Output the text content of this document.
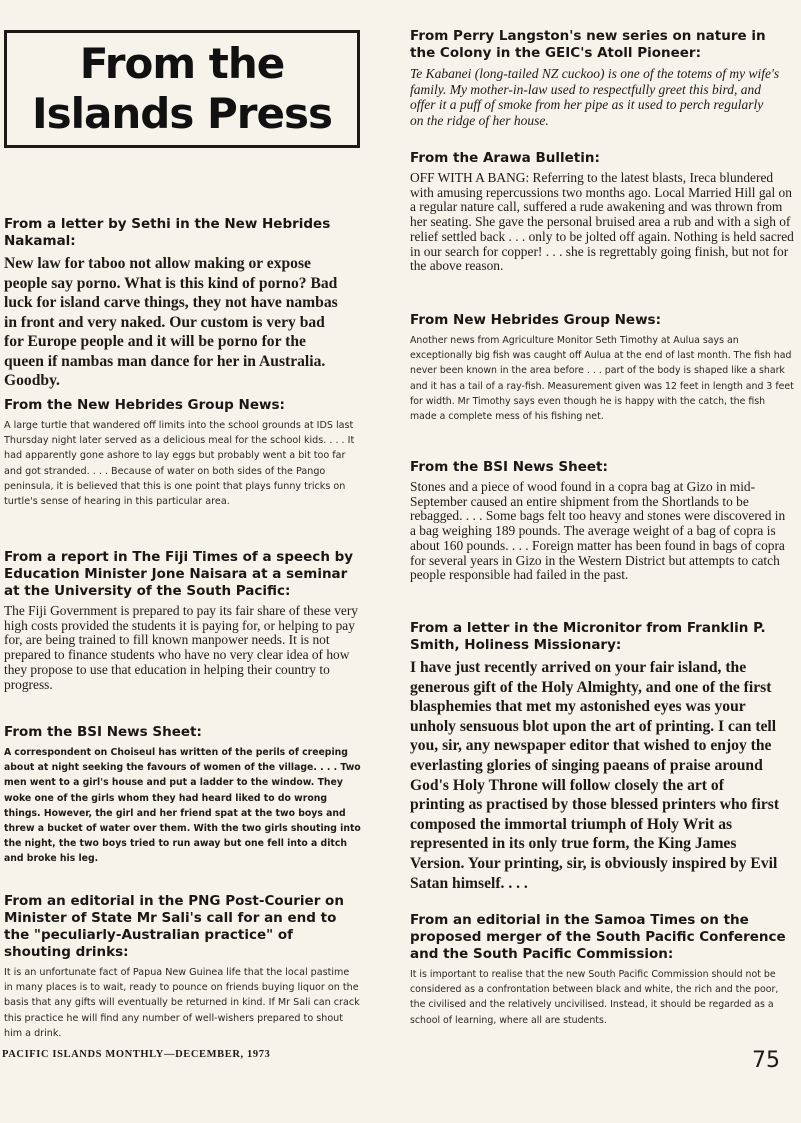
From the
Islands Press
From a letter by Sethi in the New Hebrides Nakamal:

New law for taboo not allow making or expose people say porno. What is this kind of porno? Bad luck for island carve things, they not have nambas in front and very naked. Our custom is very bad for Europe people and it will be porno for the queen if nambas man dance for her in Australia. Goodby.

From the New Hebrides Group News:

A large turtle that wandered off limits into the school grounds at IDS last Thursday night later served as a delicious meal for the school kids. . . . It had apparently gone ashore to lay eggs but probably went a bit too far and got stranded. . . . Because of water on both sides of the Pango peninsula, it is believed that this is one point that plays funny tricks on turtle's sense of hearing in this particular area.

From a report in The Fiji Times of a speech by Education Minister Jone Naisara at a seminar at the University of the South Pacific:

The Fiji Government is prepared to pay its fair share of these very high costs provided the students it is paying for, or helping to pay for, are being trained to fill known manpower needs. It is not prepared to finance students who have no very clear idea of how they propose to use that education in helping their country to progress.

From the BSI News Sheet:

A correspondent on Choiseul has written of the perils of creeping about at night seeking the favours of women of the village. . . . Two men went to a girl's house and put a ladder to the window. They woke one of the girls whom they had heard liked to do wrong things. However, the girl and her friend spat at the two boys and threw a bucket of water over them. With the two girls shouting into the night, the two boys tried to run away but one fell into a ditch and broke his leg.

From an editorial in the PNG Post-Courier on Minister of State Mr Sali's call for an end to the "peculiarly-Australian practice" of shouting drinks:

It is an unfortunate fact of Papua New Guinea life that the local pastime in many places is to wait, ready to pounce on friends buying liquor on the basis that any gifts will eventually be returned in kind. If Mr Sali can crack this practice he will find any number of well-wishers prepared to shout him a drink.

From Perry Langston's new series on nature in the Colony in the GEIC's Atoll Pioneer:

Te Kabanei (long-tailed NZ cuckoo) is one of the totems of my wife's family. My mother-in-law used to respectfully greet this bird, and offer it a puff of smoke from her pipe as it used to perch regularly on the ridge of her house.

From the Arawa Bulletin:

OFF WITH A BANG: Referring to the latest blasts, Ireca blundered with amusing repercussions two months ago. Local Married Hill gal on a regular nature call, suffered a rude awakening and was thrown from her seating. She gave the personal bruised area a rub and with a sigh of relief settled back . . . only to be jolted off again. Nothing is held sacred in our search for copper! . . . she is regrettably going finish, but not for the above reason.

From New Hebrides Group News:

Another news from Agriculture Monitor Seth Timothy at Aulua says an exceptionally big fish was caught off Aulua at the end of last month. The fish had never been known in the area before . . . part of the body is shaped like a shark and it has a tail of a ray-fish. Measurement given was 12 feet in length and 3 feet for width. Mr Timothy says even though he is happy with the catch, the fish made a complete mess of his fishing net.

From the BSI News Sheet:

Stones and a piece of wood found in a copra bag at Gizo in mid-September caused an entire shipment from the Shortlands to be rebagged. . . . Some bags felt too heavy and stones were discovered in a bag weighing 189 pounds. The average weight of a bag of copra is about 160 pounds. . . . Foreign matter has been found in bags of copra for several years in Gizo in the Western District but attempts to catch people responsible had failed in the past.

From a letter in the Micronitor from Franklin P. Smith, Holiness Missionary:

I have just recently arrived on your fair island, the generous gift of the Holy Almighty, and one of the first blasphemies that met my astonished eyes was your unholy sensuous blot upon the art of printing. I can tell you, sir, any newspaper editor that wished to enjoy the everlasting glories of singing paeans of praise around God's Holy Throne will follow closely the art of printing as practised by those blessed printers who first composed the immortal triumph of Holy Writ as represented in its only true form, the King James Version. Your printing, sir, is obviously inspired by Evil Satan himself. . . .

From an editorial in the Samoa Times on the proposed merger of the South Pacific Conference and the South Pacific Commission:

It is important to realise that the new South Pacific Commission should not be considered as a confrontation between black and white, the rich and the poor, the civilised and the relatively uncivilised. Instead, it should be regarded as a school of learning, where all are students.

PACIFIC ISLANDS MONTHLY—DECEMBER, 1973	75
